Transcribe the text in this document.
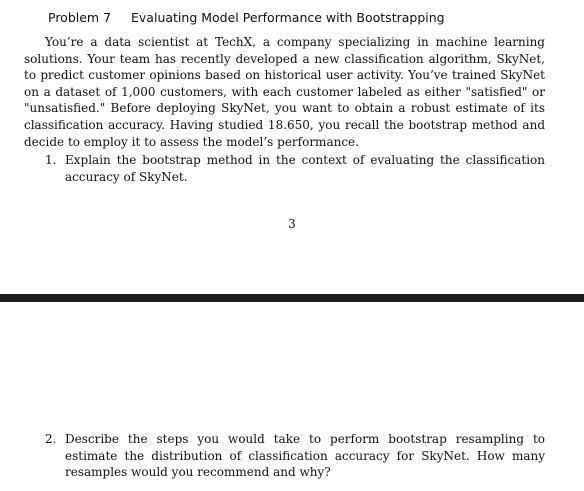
Problem 7 Evaluating Model Performance with Bootstrapping

You’re a data scientist at TechX, a company specializing in machine learning solutions. Your team has recently developed a new classification algorithm, SkyNet, to predict customer opinions based on historical user activity. You’ve trained SkyNet on a dataset of 1,000 customers, with each customer labeled as either "satisfied" or "unsatisfied." Before deploying SkyNet, you want to obtain a robust estimate of its classification accuracy. Having studied 18.650, you recall the bootstrap method and decide to employ it to assess the model’s performance.

1. Explain the bootstrap method in the context of evaluating the classification accuracy of SkyNet.
3
2. Describe the steps you would take to perform bootstrap resampling to estimate the distribution of classification accuracy for SkyNet. How many resamples would you recommend and why?
